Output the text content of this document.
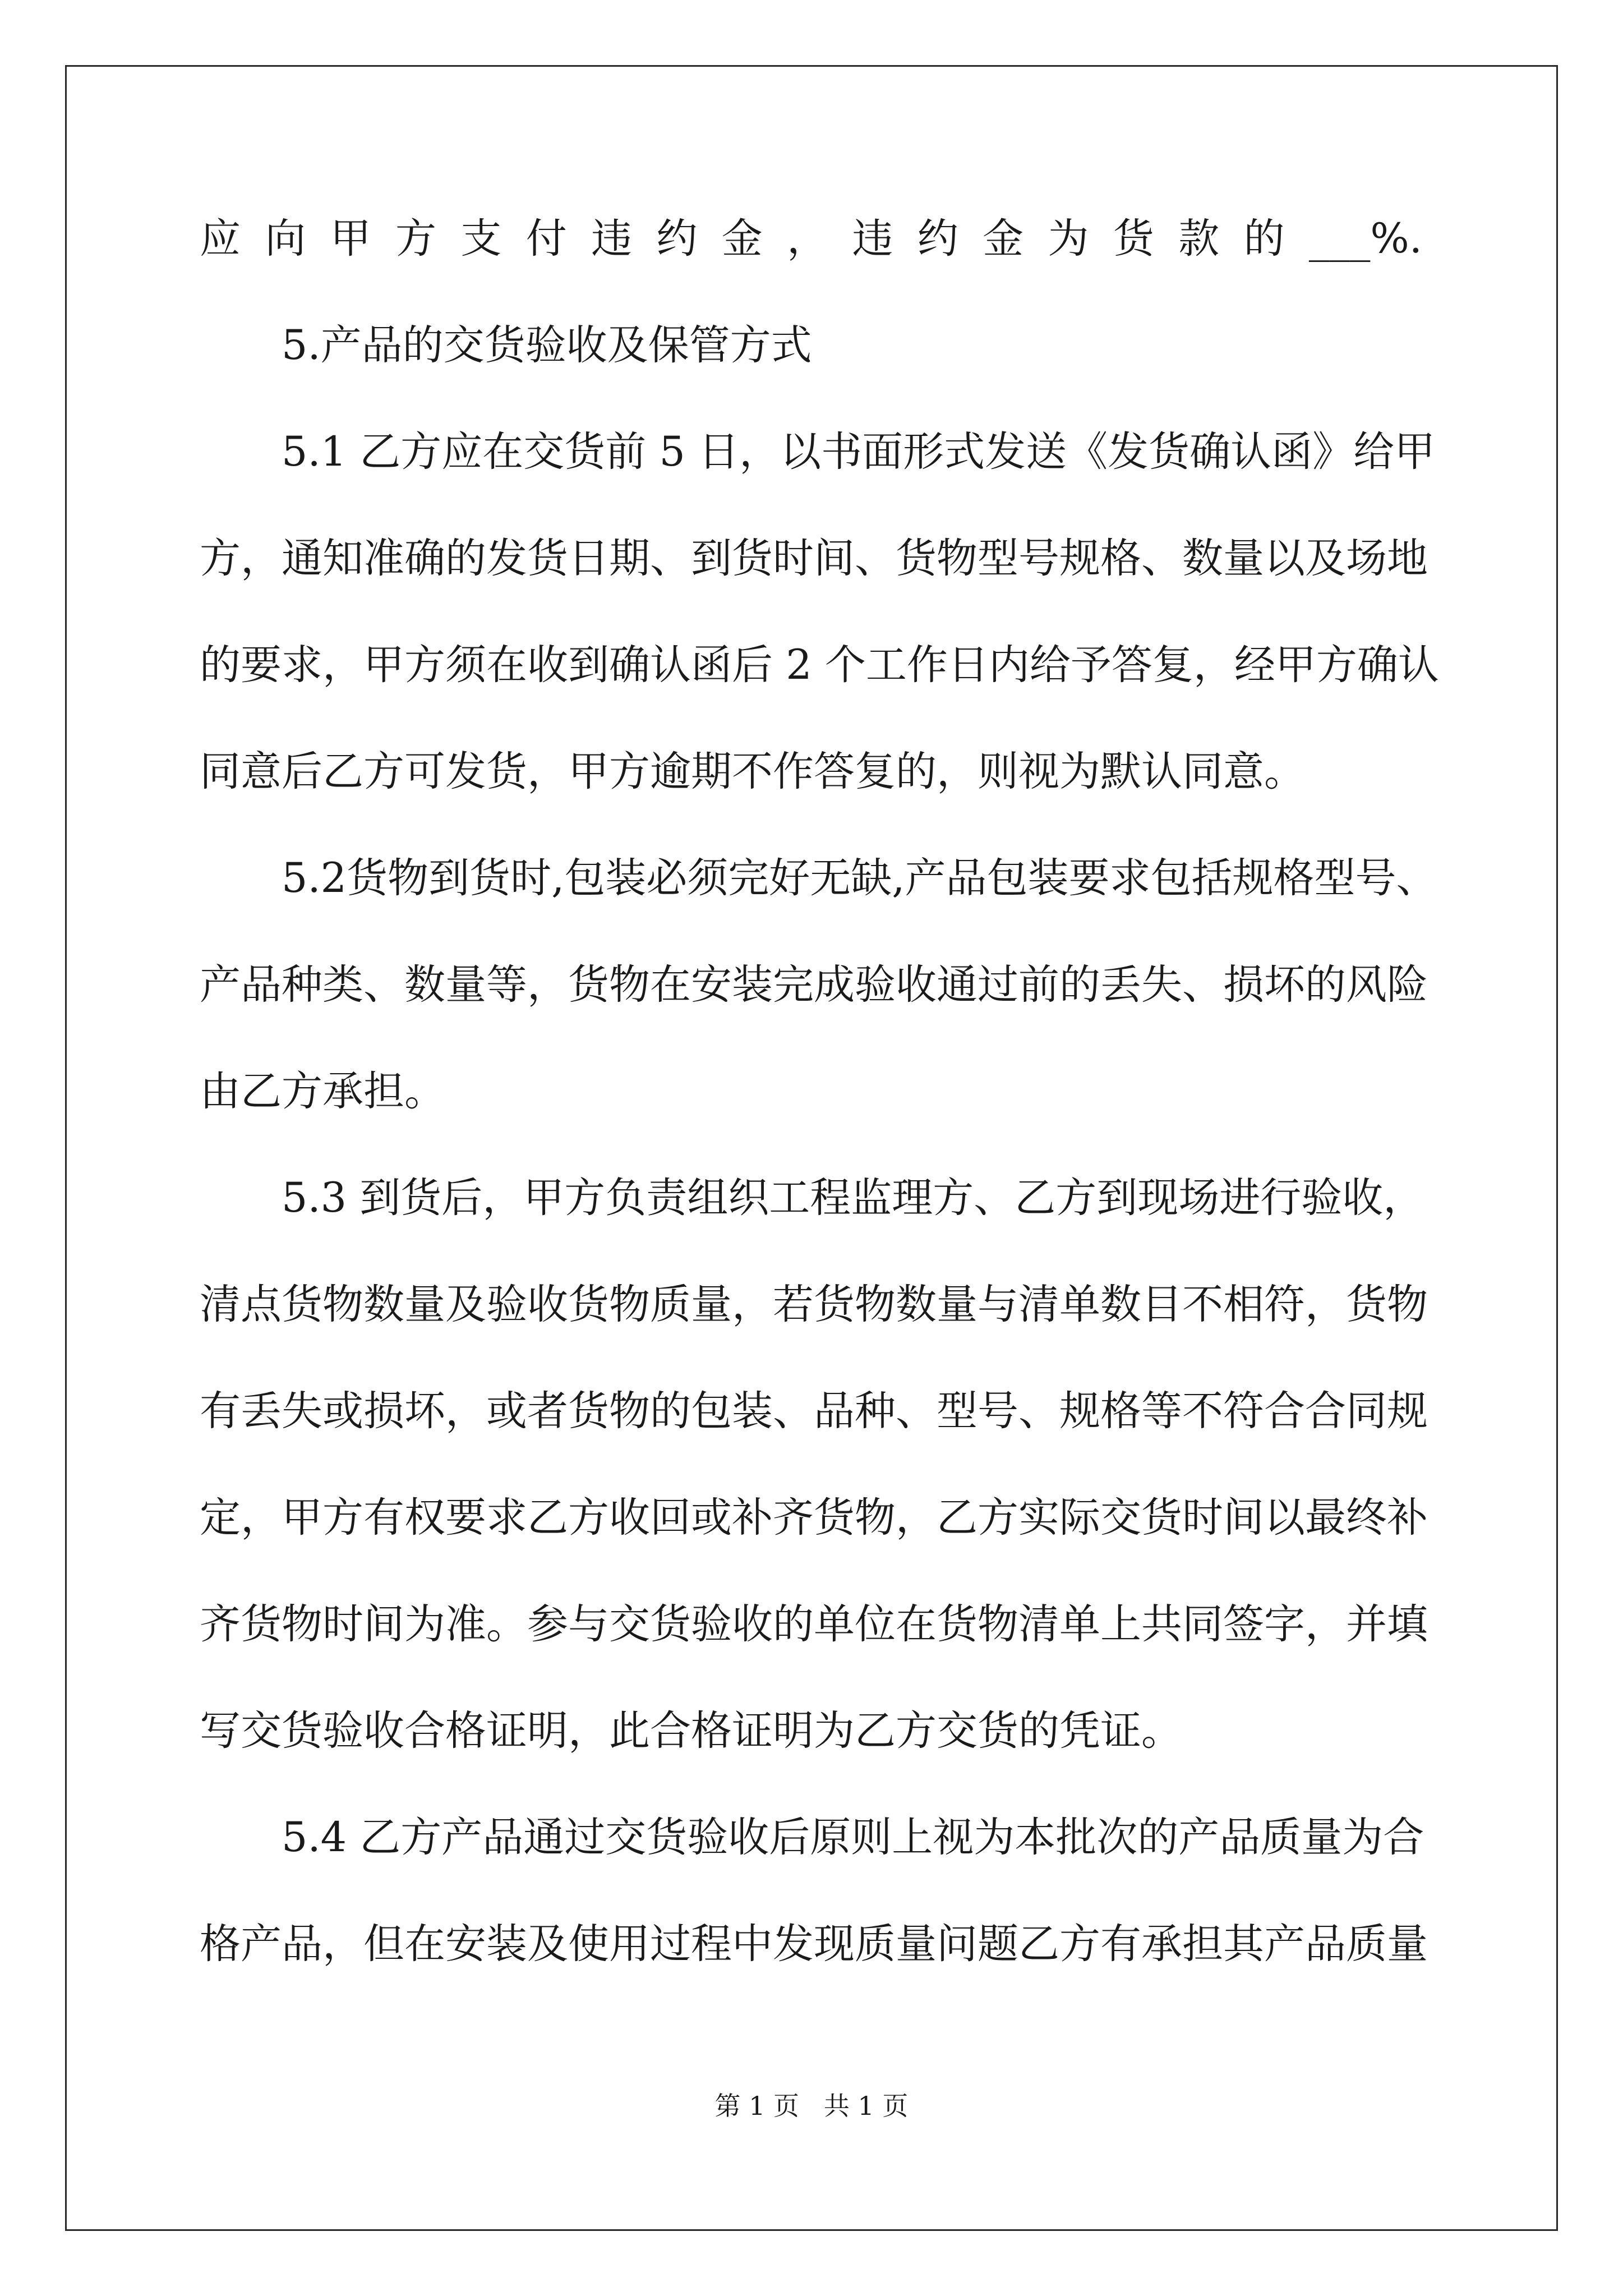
应向甲方支付违约金，违约金为货款的___%.
5.产品的交货验收及保管方式
5.1 乙方应在交货前 5 日，以书面形式发送《发货确认函》给甲
方，通知准确的发货日期、到货时间、货物型号规格、数量以及场地
的要求，甲方须在收到确认函后 2 个工作日内给予答复，经甲方确认
同意后乙方可发货，甲方逾期不作答复的，则视为默认同意。
5.2货物到货时,包装必须完好无缺,产品包装要求包括规格型号、
产品种类、数量等，货物在安装完成验收通过前的丢失、损坏的风险
由乙方承担。
5.3 到货后，甲方负责组织工程监理方、乙方到现场进行验收，
清点货物数量及验收货物质量，若货物数量与清单数目不相符，货物
有丢失或损坏，或者货物的包装、品种、型号、规格等不符合合同规
定，甲方有权要求乙方收回或补齐货物，乙方实际交货时间以最终补
齐货物时间为准。参与交货验收的单位在货物清单上共同签字，并填
写交货验收合格证明，此合格证明为乙方交货的凭证。
5.4 乙方产品通过交货验收后原则上视为本批次的产品质量为合
格产品，但在安装及使用过程中发现质量问题乙方有承担其产品质量
第 1 页   共 1 页
